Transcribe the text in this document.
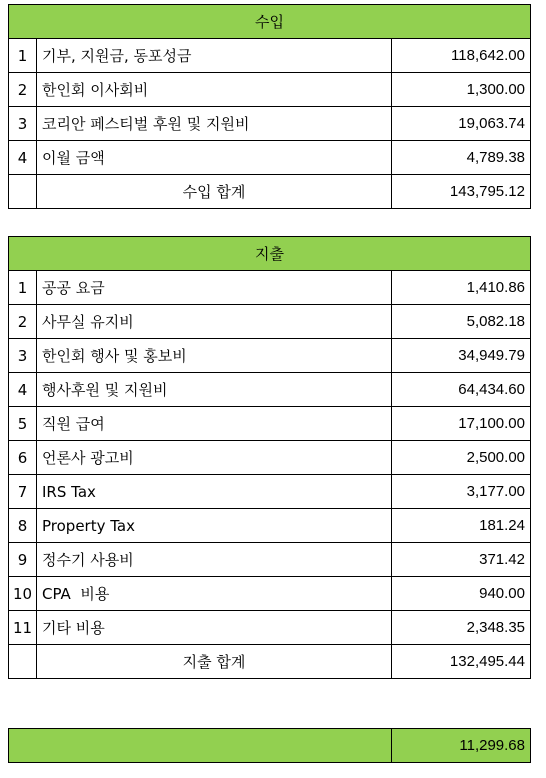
수입		
1	기부, 지원금, 동포성금	118,642.00
2	한인회 이사회비	1,300.00
3	코리안 페스티벌 후원 및 지원비	19,063.74
4	이월 금액	4,789.38
	수입 합계	143,795.12
지출		
1	공공 요금	1,410.86
2	사무실 유지비	5,082.18
3	한인회 행사 및 홍보비	34,949.79
4	행사후원 및 지원비	64,434.60
5	직원 급여	17,100.00
6	언론사 광고비	2,500.00
7	IRS Tax	3,177.00
8	Property Tax	181.24
9	정수기 사용비	371.42
10	CPA  비용	940.00
11	기타 비용	2,348.35
	지출 합계	132,495.44
	11,299.68
